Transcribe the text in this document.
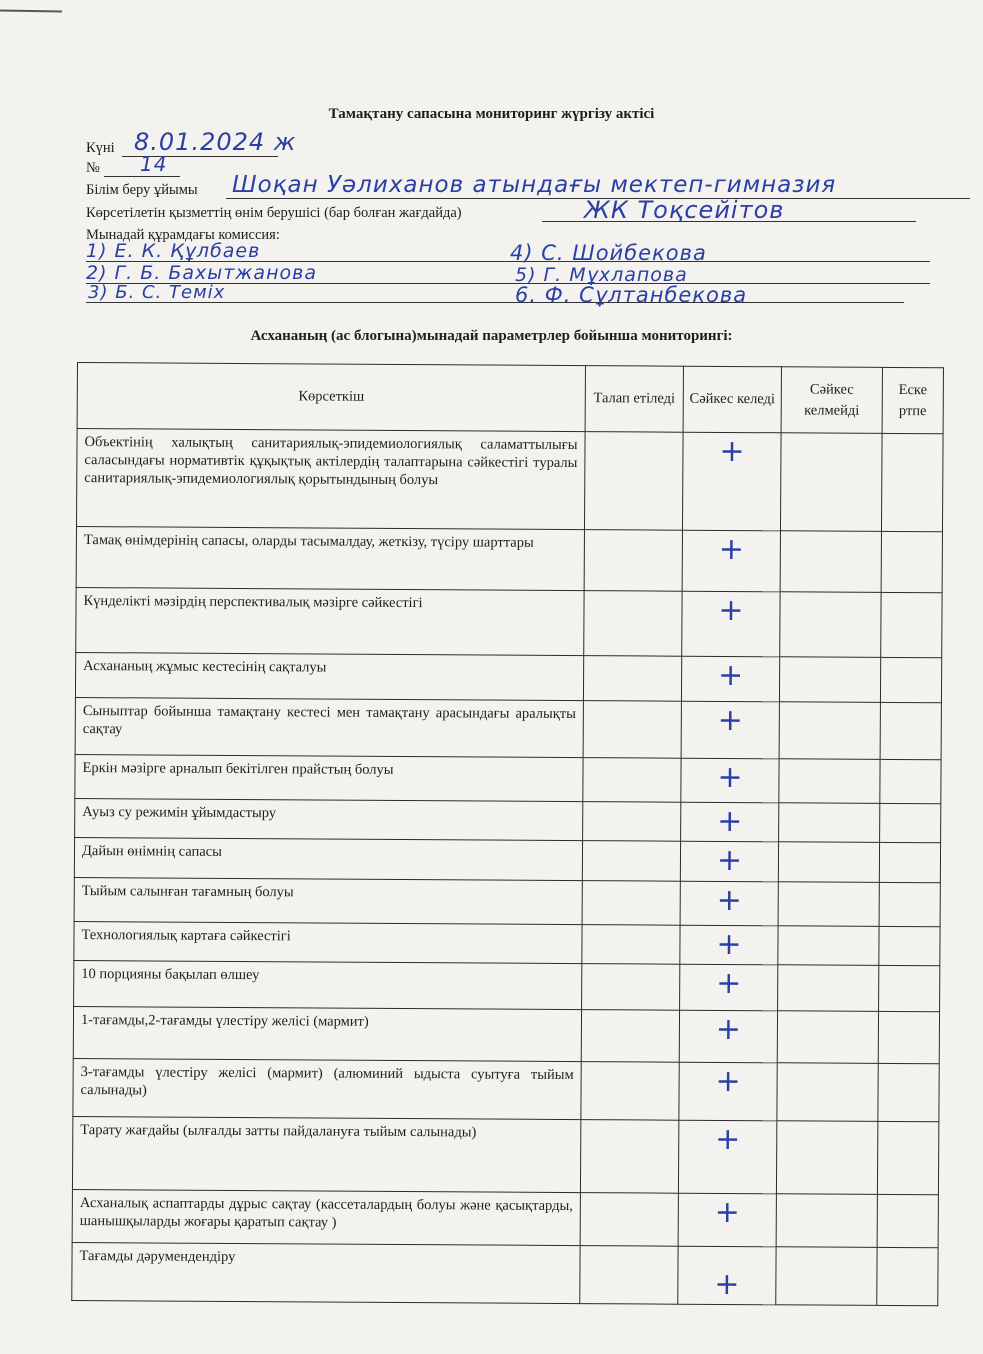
Тамақтану сапасына мониторинг жүргізу актісі
Күні 8.01.2024 ж
№ 14
Білім беру ұйымы Шоқан Уәлиханов атындағы мектеп-гимназия
Көрсетілетін қызметтің өнім берушісі (бар болған жағдайда)	ЖК Тоқсейітов
Мынадай құрамдағы комиссия:
1) Е. К. Құлбаев
2) Г. Б. Бахытжанова
3) Б. С. Теміх
4) С. Шойбекова
5) Г. Мұхлапова
6. Ф. Сұлтанбекова
Асхананың (ас блогына)мынадай параметрлер бойынша мониторингі:
Көрсеткіш	Талап етіледі	Сәйкес келеді	Сәйкес келмейді	Еске ртпе
Объектінің халықтың санитариялық-эпидемиологиялық саламаттылығы саласындағы нормативтік құқықтық актілердің талаптарына сәйкестігі туралы санитариялық-эпидемиологиялық қорытындының болуы		+		
Тамақ өнімдерінің сапасы, оларды тасымалдау, жеткізу, түсіру шарттары		+		
Күнделікті мәзірдің перспективалық мәзірге сәйкестігі		+		
Асхананың жұмыс кестесінің сақталуы		+		
Сыныптар бойынша тамақтану кестесі мен тамақтану арасындағы аралықты сақтау		+		
Еркін мәзірге арналып бекітілген прайстың болуы		+		
Ауыз су режимін ұйымдастыру		+		
Дайын өнімнің сапасы		+		
Тыйым салынған тағамның болуы		+		
Технологиялық картаға сәйкестігі		+		
10 порцияны бақылап өлшеу		+		
1-тағамды,2-тағамды үлестіру желісі (мармит)		+		
3-тағамды үлестіру желісі (мармит) (алюминий ыдыста суытуға тыйым салынады)		+		
Тарату жағдайы (ылғалды затты пайдалануға тыйым салынады)		+		
Асханалық аспаптарды дұрыс сақтау (кассеталардың болуы және қасықтарды, шанышқыларды жоғары қаратып сақтау )		+		
Тағамды дәрумендендіру		+		
